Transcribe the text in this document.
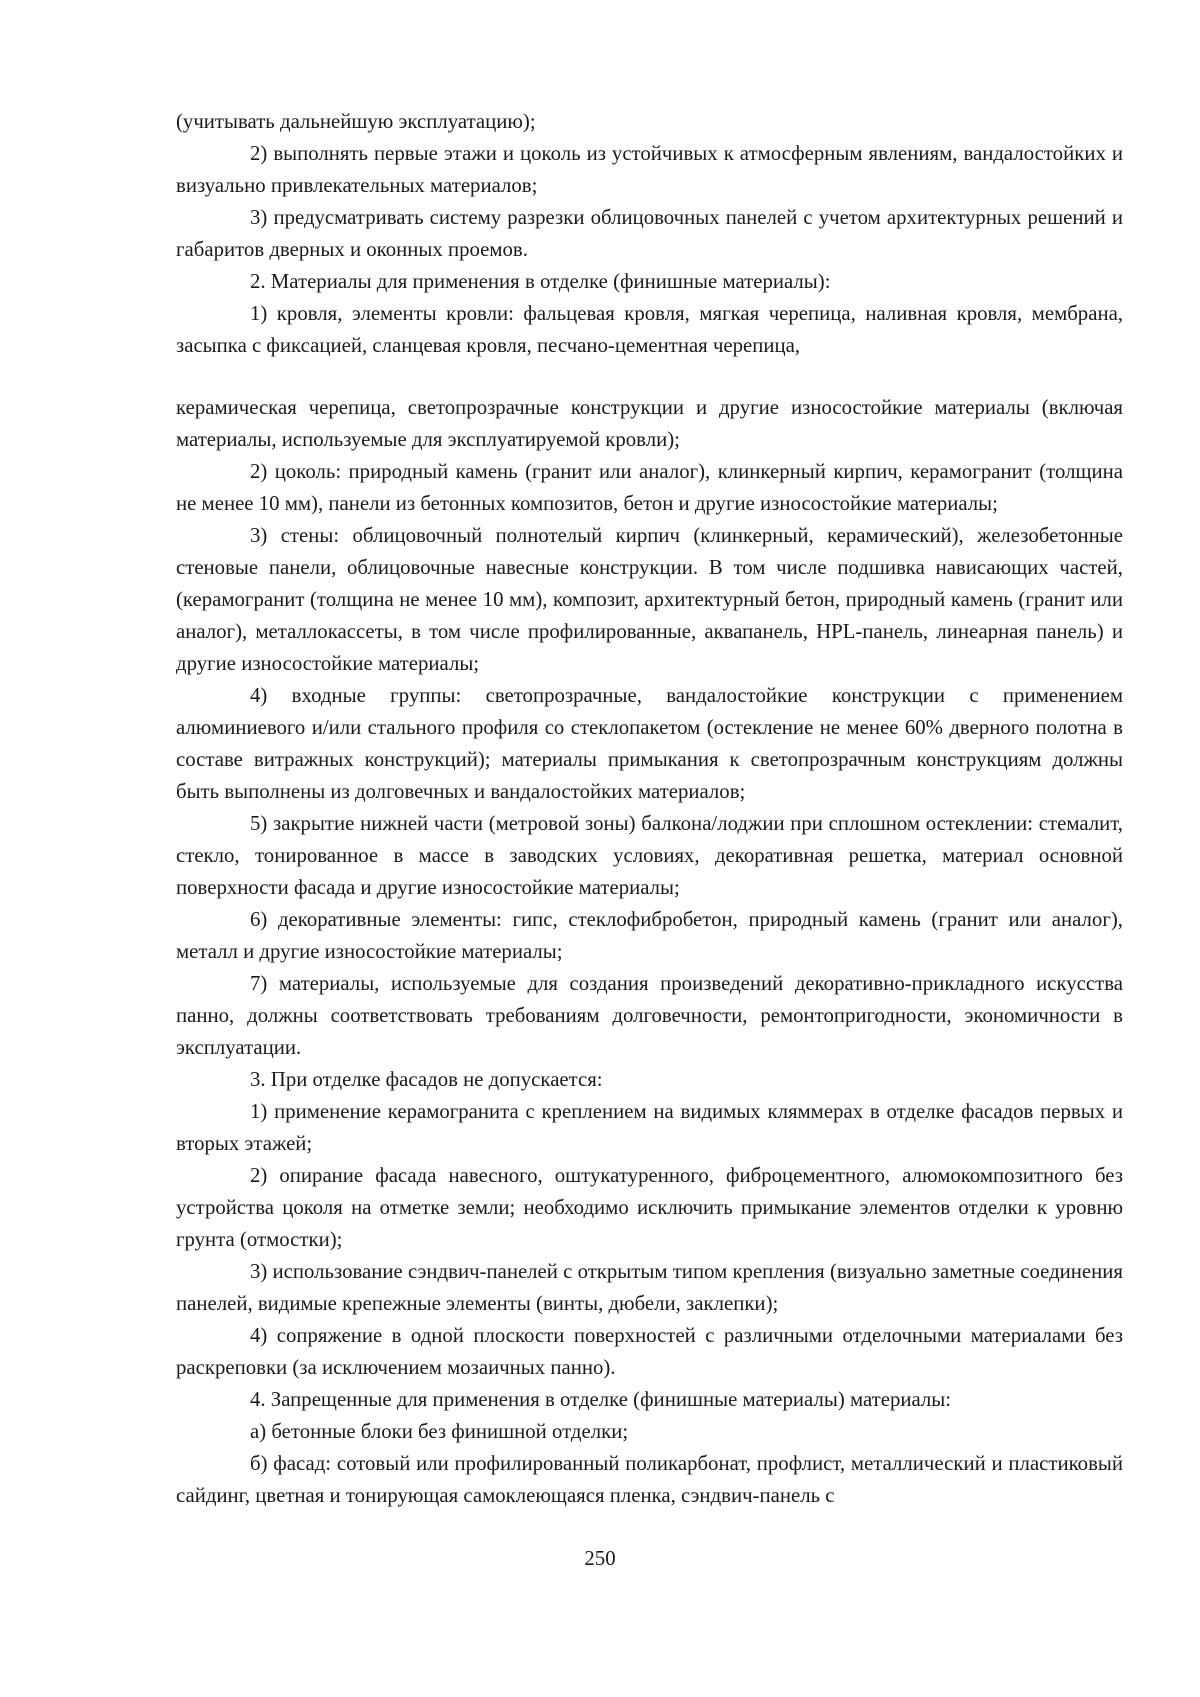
(учитывать дальнейшую эксплуатацию);

2) выполнять первые этажи и цоколь из устойчивых к атмосферным явлениям, вандалостойких и визуально привлекательных материалов;

3) предусматривать систему разрезки облицовочных панелей с учетом архитектурных решений и габаритов дверных и оконных проемов.

2. Материалы для применения в отделке (финишные материалы):

1) кровля, элементы кровли: фальцевая кровля, мягкая черепица, наливная кровля, мембрана, засыпка с фиксацией, сланцевая кровля, песчано-цементная черепица,

керамическая черепица, светопрозрачные конструкции и другие износостойкие материалы (включая материалы, используемые для эксплуатируемой кровли);

2) цоколь: природный камень (гранит или аналог), клинкерный кирпич, керамогранит (толщина не менее 10 мм), панели из бетонных композитов, бетон и другие износостойкие материалы;

3) стены: облицовочный полнотелый кирпич (клинкерный, керамический), железобетонные стеновые панели, облицовочные навесные конструкции. В том числе подшивка нависающих частей, (керамогранит (толщина не менее 10 мм), композит, архитектурный бетон, природный камень (гранит или аналог), металлокассеты, в том числе профилированные, аквапанель, HPL-панель, линеарная панель) и другие износостойкие материалы;

4) входные группы: светопрозрачные, вандалостойкие конструкции с применением алюминиевого и/или стального профиля со стеклопакетом (остекление не менее 60% дверного полотна в составе витражных конструкций); материалы примыкания к светопрозрачным конструкциям должны быть выполнены из долговечных и вандалостойких материалов;

5) закрытие нижней части (метровой зоны) балкона/лоджии при сплошном остеклении: стемалит, стекло, тонированное в массе в заводских условиях, декоративная решетка, материал основной поверхности фасада и другие износостойкие материалы;

6) декоративные элементы: гипс, стеклофибробетон, природный камень (гранит или аналог), металл и другие износостойкие материалы;

7) материалы, используемые для создания произведений декоративно-прикладного искусства панно, должны соответствовать требованиям долговечности, ремонтопригодности, экономичности в эксплуатации.

3. При отделке фасадов не допускается:

1) применение керамогранита с креплением на видимых кляммерах в отделке фасадов первых и вторых этажей;

2) опирание фасада навесного, оштукатуренного, фиброцементного, алюмокомпозитного без устройства цоколя на отметке земли; необходимо исключить примыкание элементов отделки к уровню грунта (отмостки);

3) использование сэндвич-панелей с открытым типом крепления (визуально заметные соединения панелей, видимые крепежные элементы (винты, дюбели, заклепки);

4) сопряжение в одной плоскости поверхностей с различными отделочными материалами без раскреповки (за исключением мозаичных панно).

4. Запрещенные для применения в отделке (финишные материалы) материалы:

а) бетонные блоки без финишной отделки;

б) фасад: сотовый или профилированный поликарбонат, профлист, металлический и пластиковый сайдинг, цветная и тонирующая самоклеющаяся пленка, сэндвич-панель с

250
